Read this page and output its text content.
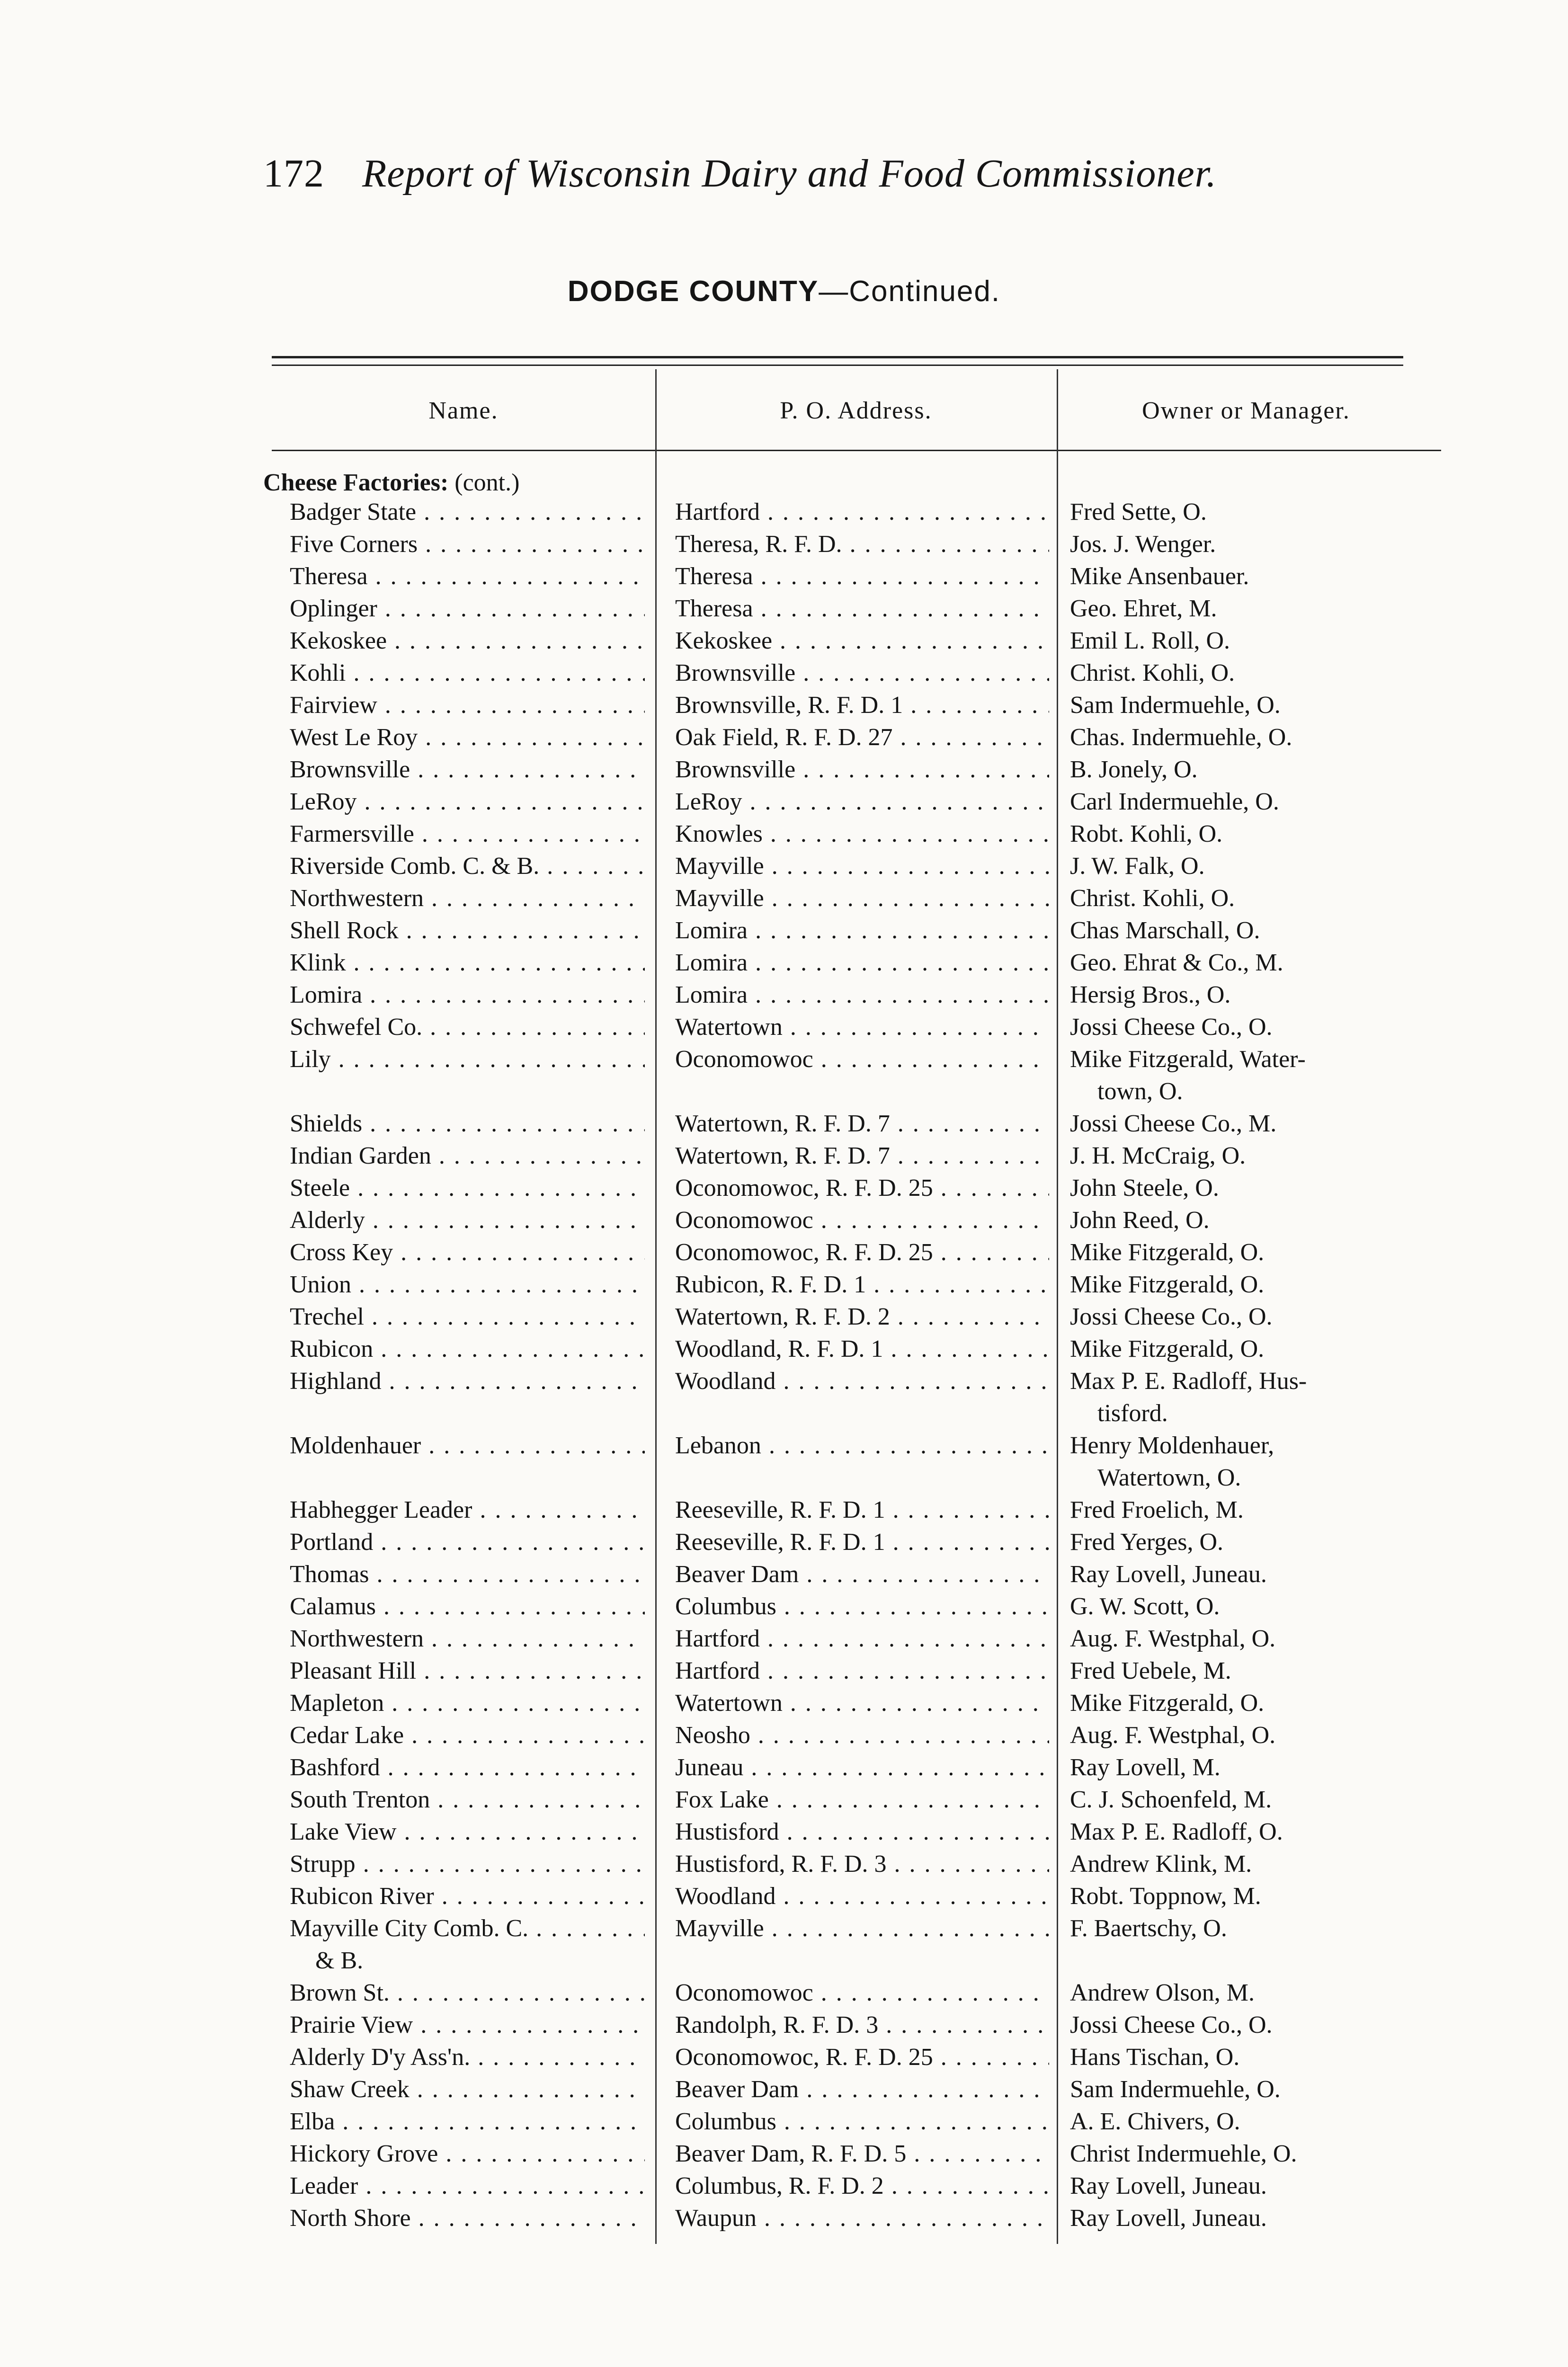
172 Report of Wisconsin Dairy and Food Commissioner.
DODGE COUNTY—Continued.
Name.	P. O. Address.	Owner or Manager.
Cheese Factories: (cont.)
Badger State . . .	Hartford . . .	Fred Sette, O.
Five Corners . . .	Theresa, R. F. D. . . .	Jos. J. Wenger.
Theresa . . .	Theresa . . .	Mike Ansenbauer.
Oplinger . . .	Theresa . . .	Geo. Ehret, M.
Kekoskee . . .	Kekoskee . . .	Emil L. Roll, O.
Kohli . . .	Brownsville . . .	Christ. Kohli, O.
Fairview . . .	Brownsville, R. F. D. 1 . . .	Sam Indermuehle, O.
West Le Roy . . .	Oak Field, R. F. D. 27 . . .	Chas. Indermuehle, O.
Brownsville . . .	Brownsville . . .	B. Jonely, O.
LeRoy . . .	LeRoy . . .	Carl Indermuehle, O.
Farmersville . . .	Knowles . . .	Robt. Kohli, O.
Riverside Comb. C. & B. . . .	Mayville . . .	J. W. Falk, O.
Northwestern . . .	Mayville . . .	Christ. Kohli, O.
Shell Rock . . .	Lomira . . .	Chas Marschall, O.
Klink . . .	Lomira . . .	Geo. Ehrat & Co., M.
Lomira . . .	Lomira . . .	Hersig Bros., O.
Schwefel Co. . . .	Watertown . . .	Jossi Cheese Co., O.
Lily . . .	Oconomowoc . . .	Mike Fitzgerald, Water-
town, O.
Shields . . .	Watertown, R. F. D. 7 . . .	Jossi Cheese Co., M.
Indian Garden . . .	Watertown, R. F. D. 7 . . .	J. H. McCraig, O.
Steele . . .	Oconomowoc, R. F. D. 25 . . .	John Steele, O.
Alderly . . .	Oconomowoc . . .	John Reed, O.
Cross Key . . .	Oconomowoc, R. F. D. 25 . . .	Mike Fitzgerald, O.
Union . . .	Rubicon, R. F. D. 1 . . .	Mike Fitzgerald, O.
Trechel . . .	Watertown, R. F. D. 2 . . .	Jossi Cheese Co., O.
Rubicon . . .	Woodland, R. F. D. 1 . . .	Mike Fitzgerald, O.
Highland . . .	Woodland . . .	Max P. E. Radloff, Hus-
tisford.
Moldenhauer . . .	Lebanon . . .	Henry Moldenhauer,
Watertown, O.
Habhegger Leader . . .	Reeseville, R. F. D. 1 . . .	Fred Froelich, M.
Portland . . .	Reeseville, R. F. D. 1 . . .	Fred Yerges, O.
Thomas . . .	Beaver Dam . . .	Ray Lovell, Juneau.
Calamus . . .	Columbus . . .	G. W. Scott, O.
Northwestern . . .	Hartford . . .	Aug. F. Westphal, O.
Pleasant Hill . . .	Hartford . . .	Fred Uebele, M.
Mapleton . . .	Watertown . . .	Mike Fitzgerald, O.
Cedar Lake . . .	Neosho . . .	Aug. F. Westphal, O.
Bashford . . .	Juneau . . .	Ray Lovell, M.
South Trenton . . .	Fox Lake . . .	C. J. Schoenfeld, M.
Lake View . . .	Hustisford . . .	Max P. E. Radloff, O.
Strupp . . .	Hustisford, R. F. D. 3 . . .	Andrew Klink, M.
Rubicon River . . .	Woodland . . .	Robt. Toppnow, M.
Mayville City Comb. C. . . .	Mayville . . .	F. Baertschy, O.
& B.
Brown St. . . .	Oconomowoc . . .	Andrew Olson, M.
Prairie View . . .	Randolph, R. F. D. 3 . . .	Jossi Cheese Co., O.
Alderly D'y Ass'n. . . .	Oconomowoc, R. F. D. 25 . . .	Hans Tischan, O.
Shaw Creek . . .	Beaver Dam . . .	Sam Indermuehle, O.
Elba . . .	Columbus . . .	A. E. Chivers, O.
Hickory Grove . . .	Beaver Dam, R. F. D. 5 . . .	Christ Indermuehle, O.
Leader . . .	Columbus, R. F. D. 2 . . .	Ray Lovell, Juneau.
North Shore . . .	Waupun . . .	Ray Lovell, Juneau.
